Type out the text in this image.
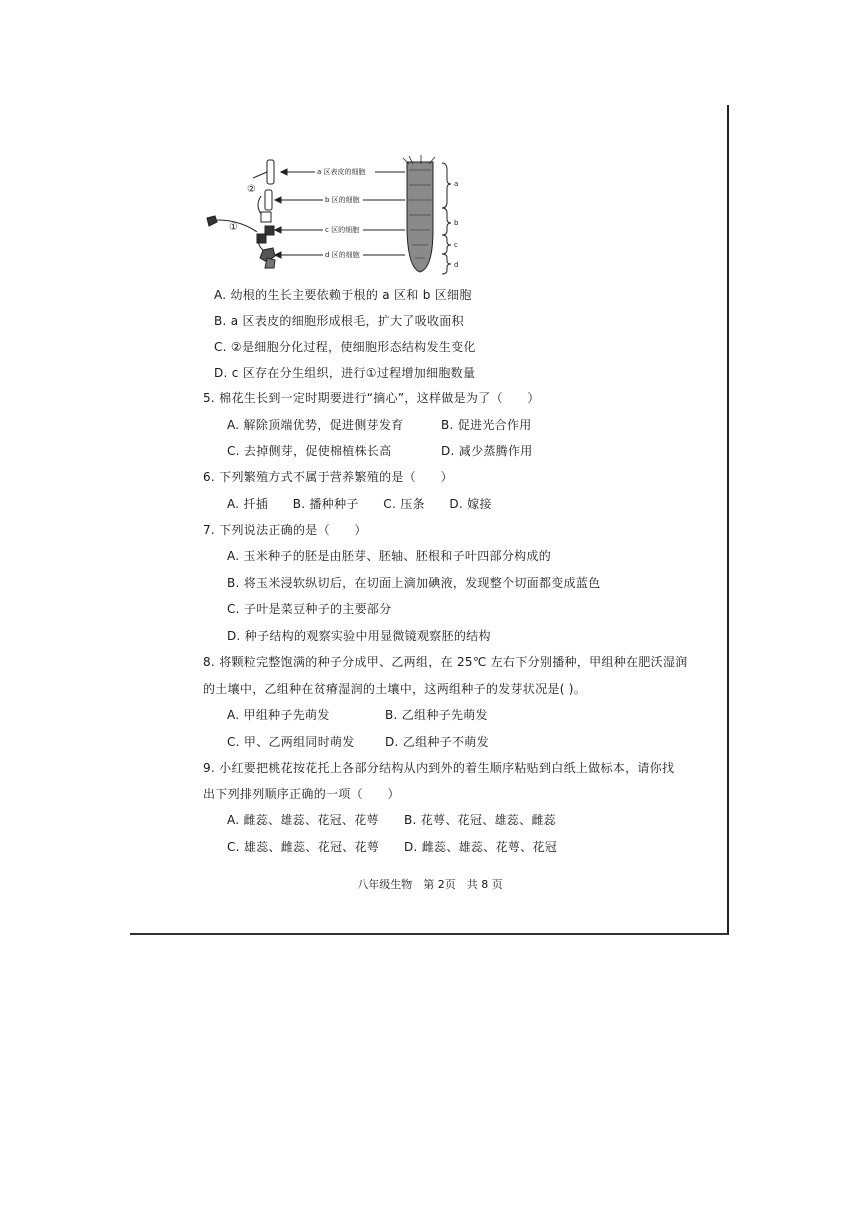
a
b
c
d
a 区表皮的细胞
b 区的细胞
c 区的细胞
d 区的细胞
②
①
A. 幼根的生长主要依赖于根的 a 区和 b 区细胞
B. a 区表皮的细胞形成根毛，扩大了吸收面积
C. ②是细胞分化过程，使细胞形态结构发生变化
D. c 区存在分生组织，进行①过程增加细胞数量
5. 棉花生长到一定时期要进行“摘心”，这样做是为了（　　）
A. 解除顶端优势，促进侧芽发育	B. 促进光合作用
C. 去掉侧芽，促使棉植株长高	D. 减少蒸腾作用
6. 下列繁殖方式不属于营养繁殖的是（　　）
A. 扦插　　B. 播种种子　　C. 压条　　D. 嫁接
7. 下列说法正确的是（　　）
A. 玉米种子的胚是由胚芽、胚轴、胚根和子叶四部分构成的
B. 将玉米浸软纵切后，在切面上滴加碘液，发现整个切面都变成蓝色
C. 子叶是菜豆种子的主要部分
D. 种子结构的观察实验中用显微镜观察胚的结构
8. 将颗粒完整饱满的种子分成甲、乙两组，在 25℃ 左右下分别播种，甲组种在肥沃湿润
的土壤中，乙组种在贫瘠湿润的土壤中，这两组种子的发芽状况是( )。
A. 甲组种子先萌发	B. 乙组种子先萌发
C. 甲、乙两组同时萌发	D. 乙组种子不萌发
9. 小红要把桃花按花托上各部分结构从内到外的着生顺序粘贴到白纸上做标本，请你找
出下列排列顺序正确的一项（　　）
A. 雌蕊、雄蕊、花冠、花萼 B. 花萼、花冠、雄蕊、雌蕊
C. 雄蕊、雌蕊、花冠、花萼 D. 雌蕊、雄蕊、花萼、花冠
八年级生物　第 2页　共 8 页
